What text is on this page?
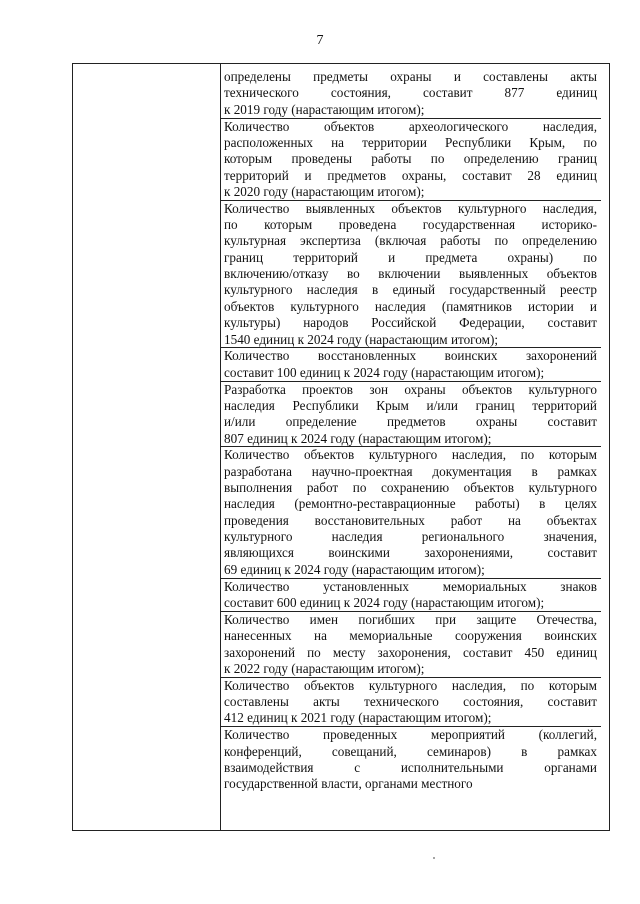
7
определены предметы охраны и составлены акты
технического состояния, составит 877 единиц
к 2019 году (нарастающим итогом);
Количество объектов археологического наследия,
расположенных на территории Республики Крым, по
которым проведены работы по определению границ
территорий и предметов охраны, составит 28 единиц
к 2020 году (нарастающим итогом);
Количество выявленных объектов культурного наследия,
по которым проведена государственная историко-
культурная экспертиза (включая работы по определению
границ территорий и предмета охраны) по
включению/отказу во включении выявленных объектов
культурного наследия в единый государственный реестр
объектов культурного наследия (памятников истории и
культуры) народов Российской Федерации, составит
1540 единиц к 2024 году (нарастающим итогом);
Количество восстановленных воинских захоронений
составит 100 единиц к 2024 году (нарастающим итогом);
Разработка проектов зон охраны объектов культурного
наследия Республики Крым и/или границ территорий
и/или определение предметов охраны составит
807 единиц к 2024 году (нарастающим итогом);
Количество объектов культурного наследия, по которым
разработана научно-проектная документация в рамках
выполнения работ по сохранению объектов культурного
наследия (ремонтно-реставрационные работы) в целях
проведения восстановительных работ на объектах
культурного наследия регионального значения,
являющихся воинскими захоронениями, составит
69 единиц к 2024 году (нарастающим итогом);
Количество установленных мемориальных знаков
составит 600 единиц к 2024 году (нарастающим итогом);
Количество имен погибших при защите Отечества,
нанесенных на мемориальные сооружения воинских
захоронений по месту захоронения, составит 450 единиц
к 2022 году (нарастающим итогом);
Количество объектов культурного наследия, по которым
составлены акты технического состояния, составит
412 единиц к 2021 году (нарастающим итогом);
Количество проведенных мероприятий (коллегий,
конференций, совещаний, семинаров) в рамках
взаимодействия с исполнительными органами
государственной власти, органами местного
